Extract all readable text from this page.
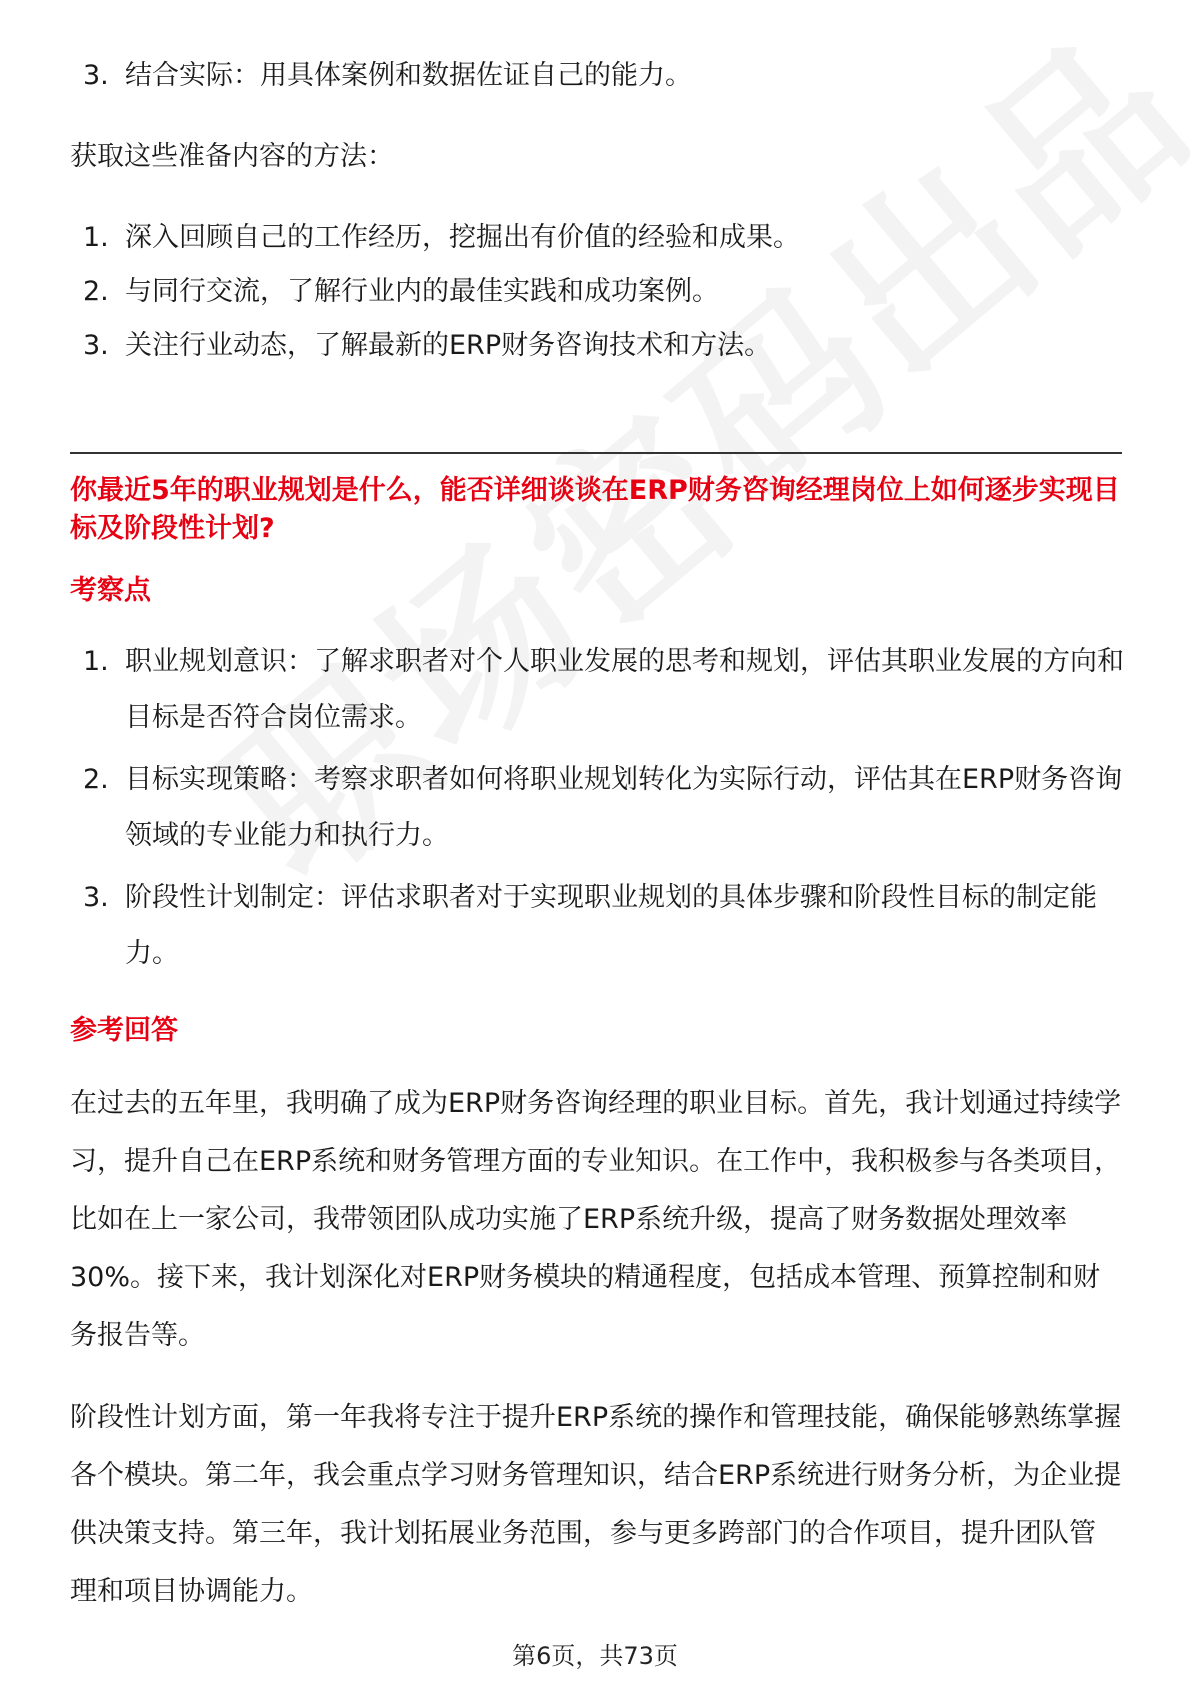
3. 结合实际：用具体案例和数据佐证自己的能力。
获取这些准备内容的方法：
1. 深入回顾自己的工作经历，挖掘出有价值的经验和成果。
2. 与同行交流，了解行业内的最佳实践和成功案例。
3. 关注行业动态，了解最新的ERP财务咨询技术和方法。
你最近5年的职业规划是什么，能否详细谈谈在ERP财务咨询经理岗位上如何逐步实现目标及阶段性计划?
考察点
1. 职业规划意识：了解求职者对个人职业发展的思考和规划，评估其职业发展的方向和目标是否符合岗位需求。
2. 目标实现策略：考察求职者如何将职业规划转化为实际行动，评估其在ERP财务咨询领域的专业能力和执行力。
3. 阶段性计划制定：评估求职者对于实现职业规划的具体步骤和阶段性目标的制定能力。
参考回答
在过去的五年里，我明确了成为ERP财务咨询经理的职业目标。首先，我计划通过持续学习，提升自己在ERP系统和财务管理方面的专业知识。在工作中，我积极参与各类项目，比如在上一家公司，我带领团队成功实施了ERP系统升级，提高了财务数据处理效率30%。接下来，我计划深化对ERP财务模块的精通程度，包括成本管理、预算控制和财务报告等。
阶段性计划方面，第一年我将专注于提升ERP系统的操作和管理技能，确保能够熟练掌握各个模块。第二年，我会重点学习财务管理知识，结合ERP系统进行财务分析，为企业提供决策支持。第三年，我计划拓展业务范围，参与更多跨部门的合作项目，提升团队管理和项目协调能力。
第6页，共73页
